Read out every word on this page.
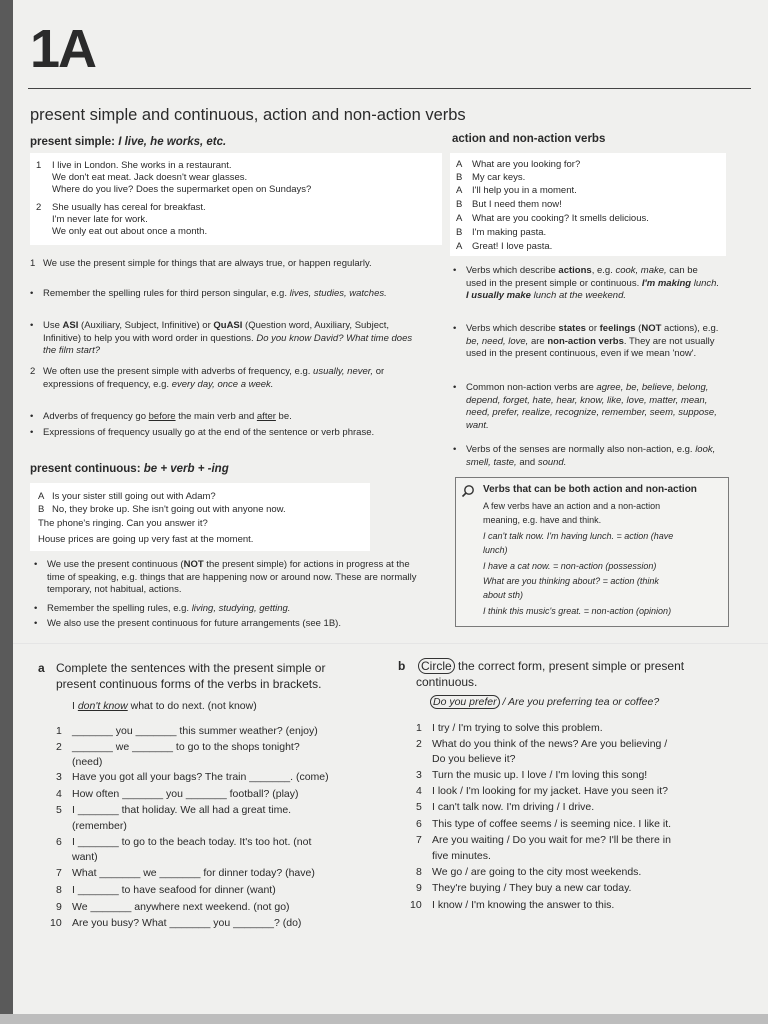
1A
present simple and continuous, action and non-action verbs
present simple: I live, he works, etc.
1 I live in London. She works in a restaurant.
We don't eat meat. Jack doesn't wear glasses.
Where do you live? Does the supermarket open on Sundays?
2 She usually has cereal for breakfast.
I'm never late for work.
We only eat out about once a month.
1 We use the present simple for things that are always true, or happen regularly.
• Remember the spelling rules for third person singular, e.g. lives, studies, watches.
• Use ASI (Auxiliary, Subject, Infinitive) or QuASI (Question word, Auxiliary, Subject, Infinitive) to help you with word order in questions. Do you know David? What time does the film start?
2 We often use the present simple with adverbs of frequency, e.g. usually, never, or expressions of frequency, e.g. every day, once a week.
• Adverbs of frequency go before the main verb and after be.
• Expressions of frequency usually go at the end of the sentence or verb phrase.
present continuous: be + verb + -ing
A Is your sister still going out with Adam?
B No, they broke up. She isn't going out with anyone now.
The phone's ringing. Can you answer it?
House prices are going up very fast at the moment.
• We use the present continuous (NOT the present simple) for actions in progress at the time of speaking, e.g. things that are happening now or around now. These are normally temporary, not habitual, actions.
• Remember the spelling rules, e.g. living, studying, getting.
• We also use the present continuous for future arrangements (see 1B).
action and non-action verbs
A What are you looking for?
B My car keys.
A I'll help you in a moment.
B But I need them now!
A What are you cooking? It smells delicious.
B I'm making pasta.
A Great! I love pasta.
• Verbs which describe actions, e.g. cook, make, can be used in the present simple or continuous. I'm making lunch. I usually make lunch at the weekend.
• Verbs which describe states or feelings (NOT actions), e.g. be, need, love, are non-action verbs. They are not usually used in the present continuous, even if we mean 'now'.
• Common non-action verbs are agree, be, believe, belong, depend, forget, hate, hear, know, like, love, matter, mean, need, prefer, realize, recognize, remember, seem, suppose, want.
• Verbs of the senses are normally also non-action, e.g. look, smell, taste, and sound.
Verbs that can be both action and non-action
A few verbs have an action and a non-action
meaning, e.g. have and think.
I can't talk now. I'm having lunch. = action (have
lunch)
I have a cat now. = non-action (possession)
What are you thinking about? = action (think
about sth)
I think this music's great. = non-action (opinion)
a Complete the sentences with the present simple or
present continuous forms of the verbs in brackets.
I don't know what to do next. (not know)
1 _______ you _______ this summer weather? (enjoy)
2 _______ we _______ to go to the shops tonight?
(need)
3 Have you got all your bags? The train _______. (come)
4 How often _______ you _______ football? (play)
5 I _______ that holiday. We all had a great time.
(remember)
6 I _______ to go to the beach today. It's too hot. (not
want)
7 What _______ we _______ for dinner today? (have)
8 I _______ to have seafood for dinner (want)
9 We _______ anywhere next weekend. (not go)
10 Are you busy? What _______ you _______? (do)
b Circle the correct form, present simple or present
continuous.
Do you prefer / Are you preferring tea or coffee?
1 I try / I'm trying to solve this problem.
2 What do you think of the news? Are you believing /
Do you believe it?
3 Turn the music up. I love / I'm loving this song!
4 I look / I'm looking for my jacket. Have you seen it?
5 I can't talk now. I'm driving / I drive.
6 This type of coffee seems / is seeming nice. I like it.
7 Are you waiting / Do you wait for me? I'll be there in
five minutes.
8 We go / are going to the city most weekends.
9 They're buying / They buy a new car today.
10 I know / I'm knowing the answer to this.
